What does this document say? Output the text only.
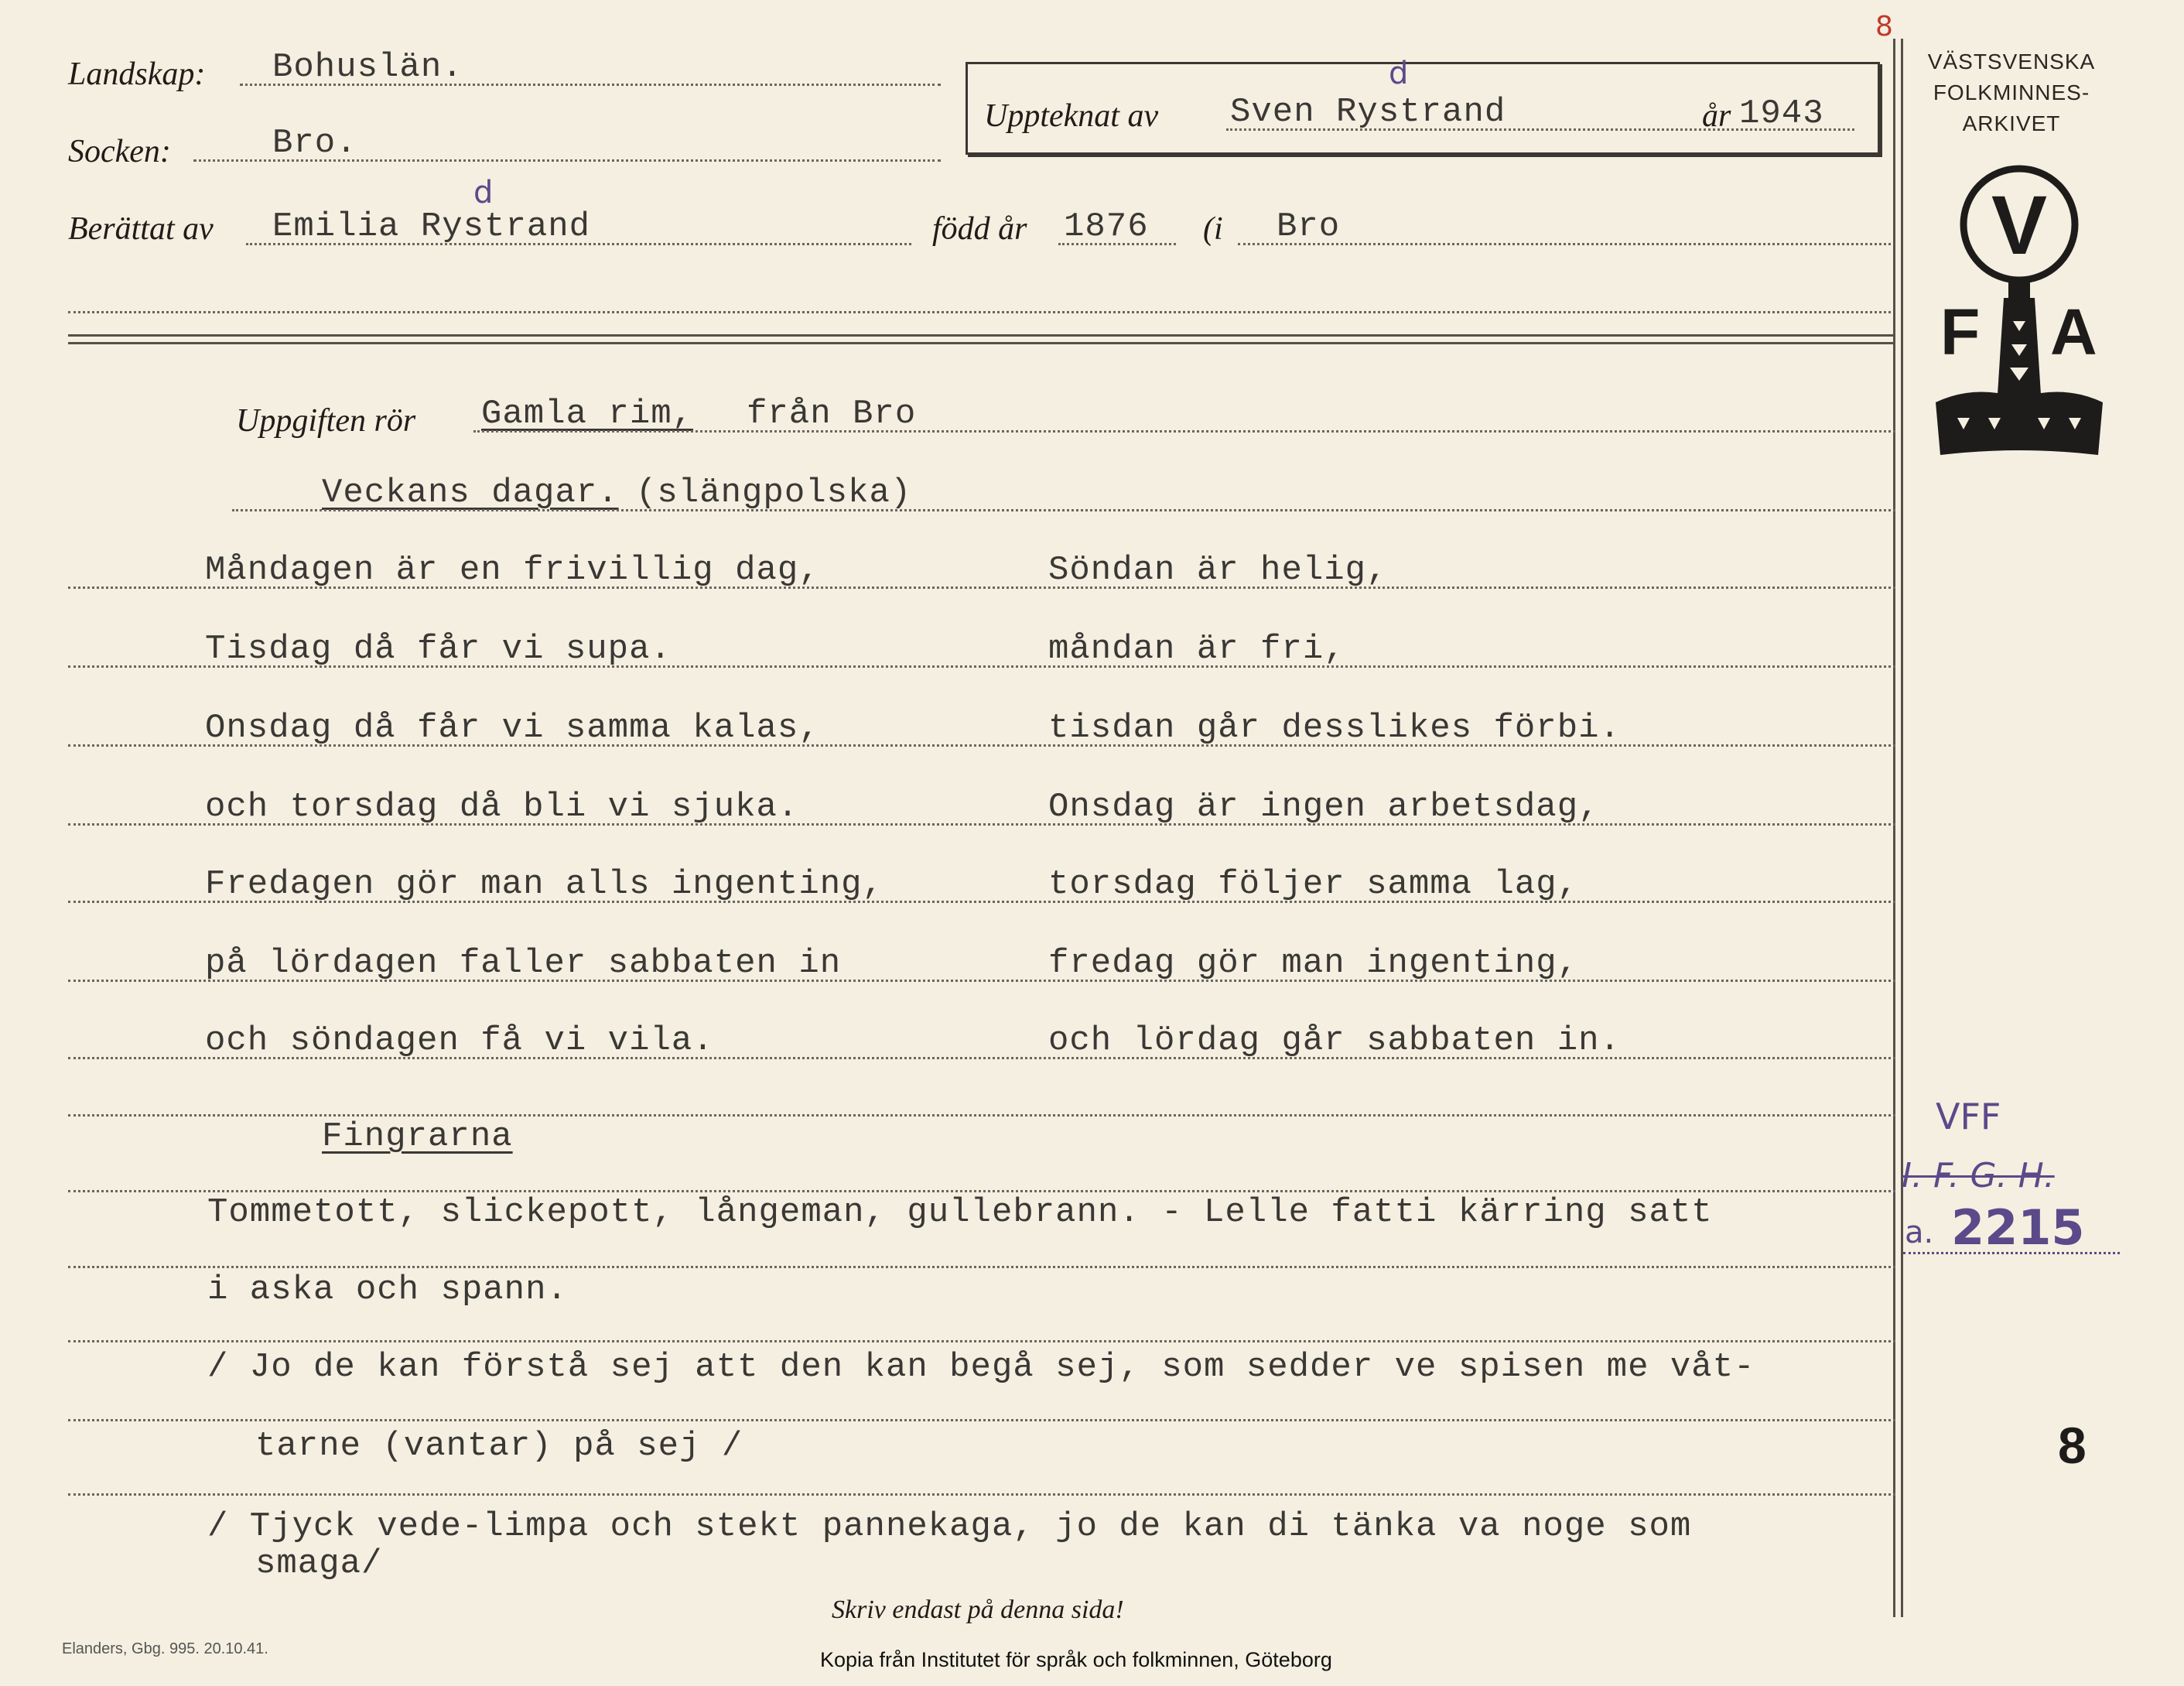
Landskap: Bohuslän.
Socken:	Bro.
Uppteknat av Sven Rystrand
d
år 1943
8
Berättat av Emilia Rystrand
d
född år 1876 (i Bro
VÄSTSVENSKA
FOLKMINNES-
ARKIVET
V
F A
Uppgiften rör Gamla rim, från Bro
Veckans dagar. (slängpolska)
Måndagen är en frivillig dag,	Söndan är helig,
Tisdag då får vi supa.	måndan är fri,
Onsdag då får vi samma kalas,	tisdan går desslikes förbi.
och torsdag då bli vi sjuka.	Onsdag är ingen arbetsdag,
Fredagen gör man alls ingenting,	torsdag följer samma lag,
på lördagen faller sabbaten in	fredag gör man ingenting,
och söndagen få vi vila.	och lördag går sabbaten in.
Fingrarna
Tommetott, slickepott, långeman, gullebrann. - Lelle fatti kärring satt
i aska och spann.
/ Jo de kan förstå sej att den kan begå sej, som sedder ve spisen me våt-
tarne (vantar) på sej /
/ Tjyck vede-limpa och stekt pannekaga, jo de kan di tänka va noge som
smaga/
VFF
I. F. G. H.
a. 2215
8
Skriv endast på denna sida!
Elanders, Gbg. 995. 20.10.41.	Kopia från Institutet för språk och folkminnen, Göteborg
